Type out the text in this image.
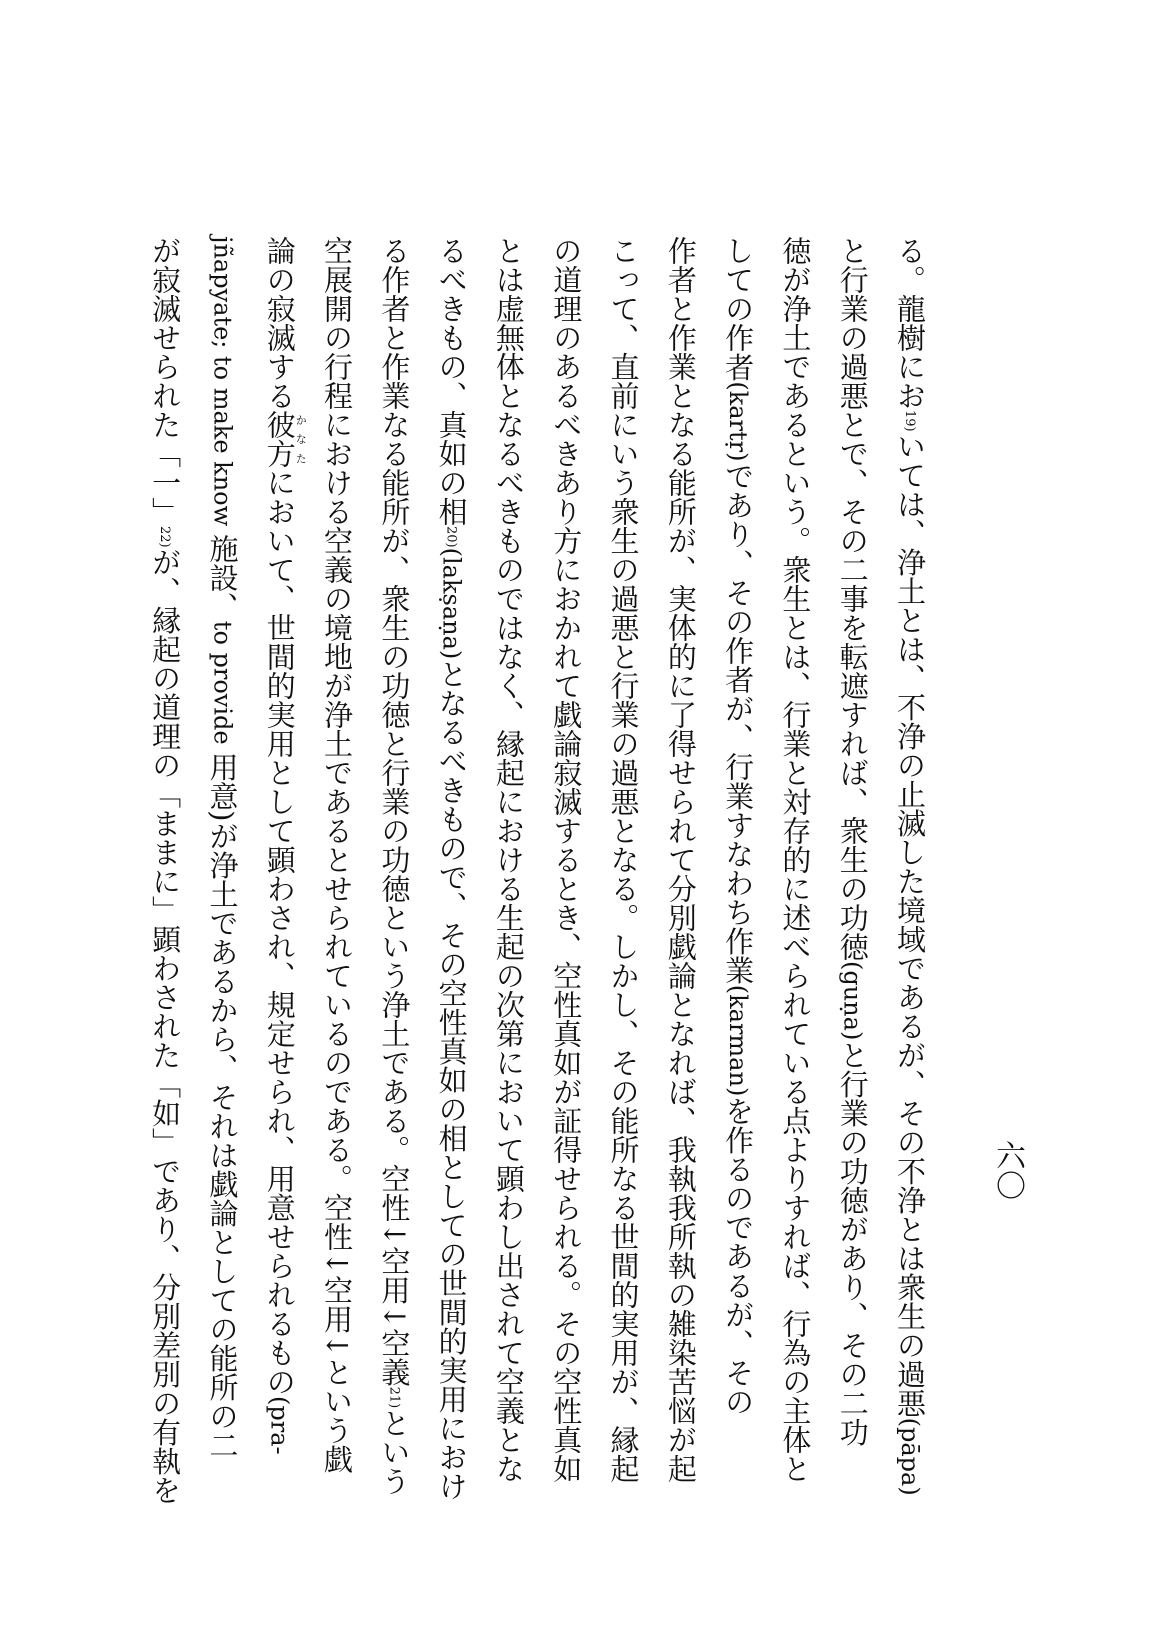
る。龍樹にお$^{19)}$いては、浄土とは、不浄の止滅した境域であるが、その不浄とは衆生の過悪(pāpa)
と行業の過悪とで、その二事を転遮すれば、衆生の功徳(guṇa)と行業の功徳があり、その二功
徳が浄土であるという。衆生とは、行業と対存的に述べられている点よりすれば、行為の主体と
しての作者(kartṛ)であり、その作者が、行業すなわち作業(karman)を作るのであるが、その
作者と作業となる能所が、実体的に了得せられて分別戯論となれば、我執我所執の雑染苦悩が起
こって、直前にいう衆生の過悪と行業の過悪となる。しかし、その能所なる世間的実用が、縁起
の道理のあるべきあり方におかれて戯論寂滅するとき、空性真如が証得せられる。その空性真如
とは虚無体となるべきものではなく、縁起における生起の次第において顕わし出されて空義とな
るべきもの、真如の相$^{20)}$(lakṣaṇa)となるべきもので、その空性真如の相としての世間的実用におけ
る作者と作業なる能所が、衆生の功徳と行業の功徳という浄土である。空性↓空用↓空義$^{21)}$という
空展開の行程における空義の境地が浄土であるとせられているのである。空性↓空用↓という戯
論の寂滅する彼方かなたにおいて、世間的実用として顕わされ、規定せられ、用意せられるもの(pra-
jñapyate; to make know 施設、to provide 用意)が浄土であるから、それは戯論としての能所の二
が寂滅せられた「一」$^{22)}$が、縁起の道理の「ままに」顕わされた「如」であり、分別差別の有執を	六〇
